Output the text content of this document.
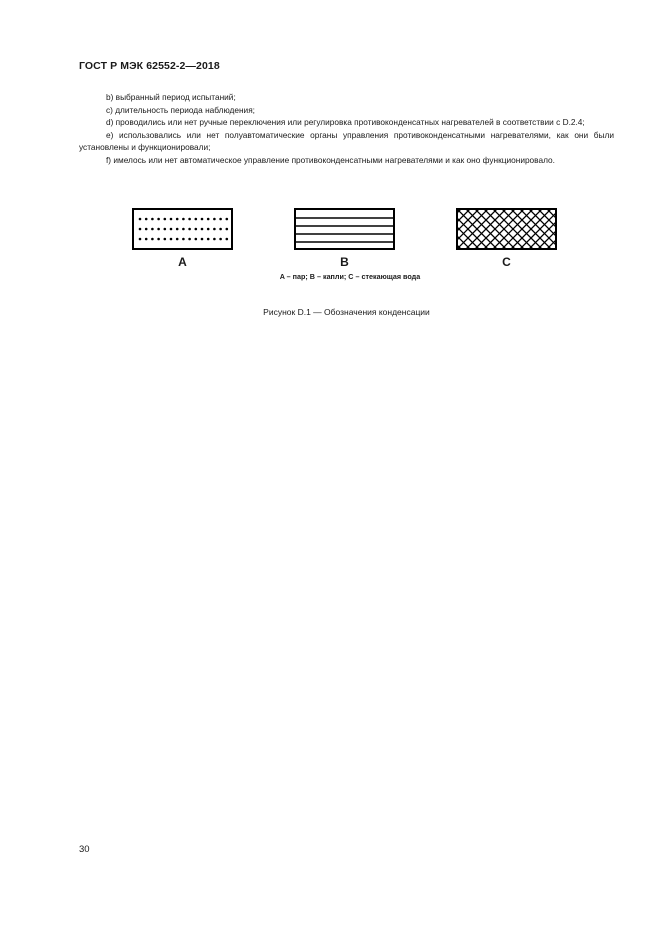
ГОСТ Р МЭК 62552-2—2018

b) выбранный период испытаний;

c) длительность периода наблюдения;

d) проводились или нет ручные переключения или регулировка противоконденсатных нагревателей в соответствии с D.2.4;

e) использовались или нет полуавтоматические органы управления противоконденсатными нагревателями, как они были установлены и функционировали;

f) имелось или нет автоматическое управление противоконденсатными нагревателями и как оно функционировало.

A	B	C
A – пар; B – капли; C – стекающая вода
Рисунок D.1 — Обозначения конденсации
30
